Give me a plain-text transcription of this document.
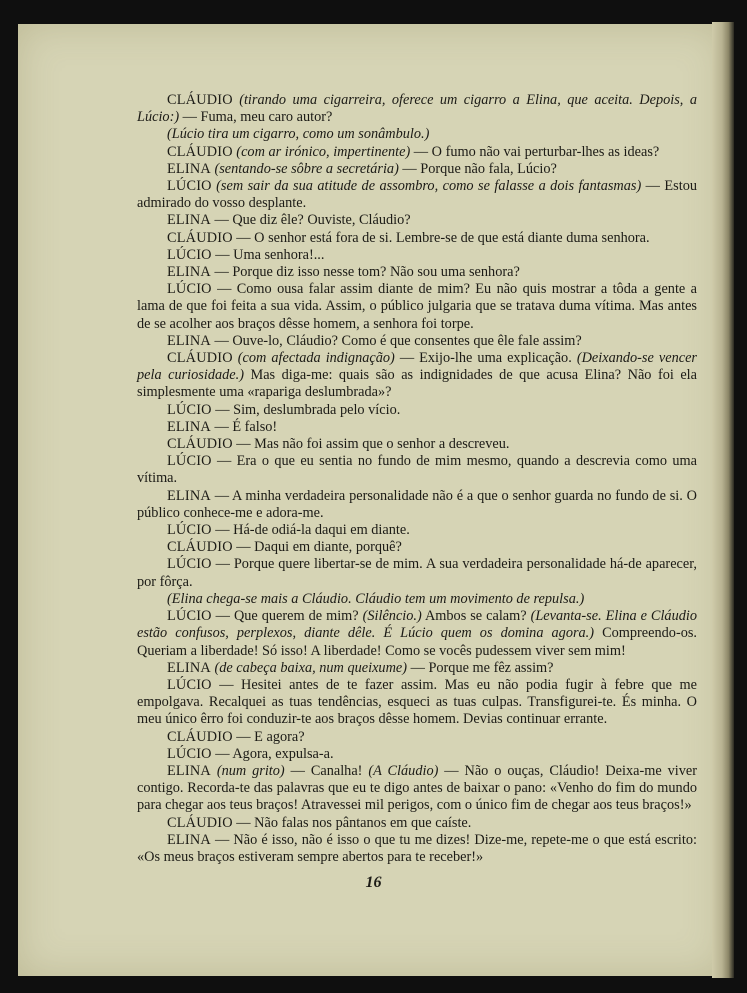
CLÁUDIO (tirando uma cigarreira, oferece um cigarro a Elina, que aceita. Depois, a Lúcio:) — Fuma, meu caro autor?

(Lúcio tira um cigarro, como um sonâmbulo.)

CLÁUDIO (com ar irónico, impertinente) — O fumo não vai perturbar-lhes as ideas?

ELINA (sentando-se sôbre a secretária) — Porque não fala, Lúcio?

LÚCIO (sem sair da sua atitude de assombro, como se falasse a dois fantasmas) — Estou admirado do vosso desplante.

ELINA — Que diz êle? Ouviste, Cláudio?

CLÁUDIO — O senhor está fora de si. Lembre-se de que está diante duma senhora.

LÚCIO — Uma senhora!...

ELINA — Porque diz isso nesse tom? Não sou uma senhora?

LÚCIO — Como ousa falar assim diante de mim? Eu não quis mostrar a tôda a gente a lama de que foi feita a sua vida. Assim, o público julgaria que se tratava duma vítima. Mas antes de se acolher aos braços dêsse homem, a senhora foi torpe.

ELINA — Ouve-lo, Cláudio? Como é que consentes que êle fale assim?

CLÁUDIO (com afectada indignação) — Exijo-lhe uma explicação. (Deixando-se vencer pela curiosidade.) Mas diga-me: quais são as indignidades de que acusa Elina? Não foi ela simplesmente uma «rapariga deslumbrada»?

LÚCIO — Sim, deslumbrada pelo vício.

ELINA — É falso!

CLÁUDIO — Mas não foi assim que o senhor a descreveu.

LÚCIO — Era o que eu sentia no fundo de mim mesmo, quando a descrevia como uma vítima.

ELINA — A minha verdadeira personalidade não é a que o senhor guarda no fundo de si. O público conhece-me e adora-me.

LÚCIO — Há-de odiá-la daqui em diante.

CLÁUDIO — Daqui em diante, porquê?

LÚCIO — Porque quere libertar-se de mim. A sua verdadeira personalidade há-de aparecer, por fôrça.

(Elina chega-se mais a Cláudio. Cláudio tem um movimento de repulsa.)

LÚCIO — Que querem de mim? (Silêncio.) Ambos se calam? (Levanta-se. Elina e Cláudio estão confusos, perplexos, diante dêle. É Lúcio quem os domina agora.) Compreendo-os. Queriam a liberdade! Só isso! A liberdade! Como se vocês pudessem viver sem mim!

ELINA (de cabeça baixa, num queixume) — Porque me fêz assim?

LÚCIO — Hesitei antes de te fazer assim. Mas eu não podia fugir à febre que me empolgava. Recalquei as tuas tendências, esqueci as tuas culpas. Transfigurei-te. És minha. O meu único êrro foi conduzir-te aos braços dêsse homem. Devias continuar errante.

CLÁUDIO — E agora?

LÚCIO — Agora, expulsa-a.

ELINA (num grito) — Canalha! (A Cláudio) — Não o ouças, Cláudio! Deixa-me viver contigo. Recorda-te das palavras que eu te digo antes de baixar o pano: «Venho do fim do mundo para chegar aos teus braços! Atravessei mil perigos, com o único fim de chegar aos teus braços!»

CLÁUDIO — Não falas nos pântanos em que caíste.

ELINA — Não é isso, não é isso o que tu me dizes! Dize-me, repete-me o que está escrito: «Os meus braços estiveram sempre abertos para te receber!»

16
